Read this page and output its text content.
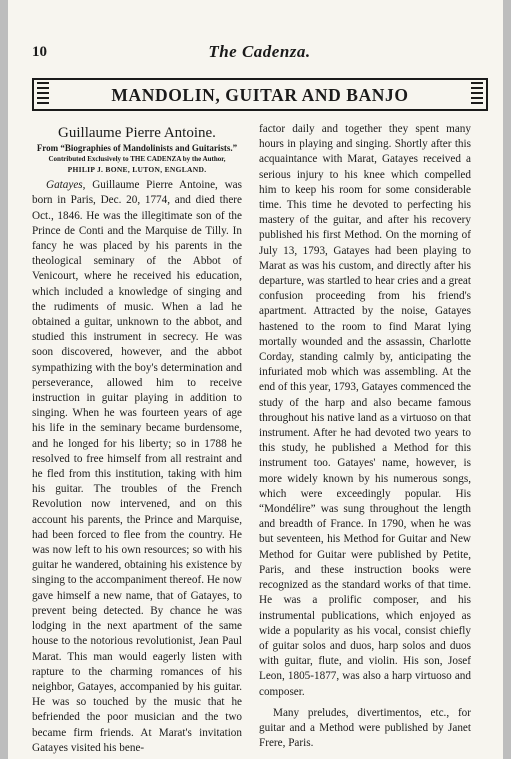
10	The Cadenza.
MANDOLIN, GUITAR AND BANJO
Guillaume Pierre Antoine.
From “Biographies of Mandolinists and Guitarists.”
Contributed Exclusively to THE CADENZA by the Author,
PHILIP J. BONE, LUTON, ENGLAND.

Gatayes, Guillaume Pierre Antoine, was born in Paris, Dec. 20, 1774, and died there Oct., 1846. He was the illegitimate son of the Prince de Conti and the Marquise de Tilly. In fancy he was placed by his parents in the theological seminary of the Abbot of Venicourt, where he received his education, which included a knowledge of singing and the rudiments of music. When a lad he obtained a guitar, unknown to the abbot, and studied this instrument in secrecy. He was soon discovered, however, and the abbot sympathizing with the boy's determination and perseverance, allowed him to receive instruction in guitar playing in addition to singing. When he was fourteen years of age his life in the seminary became burdensome, and he longed for his liberty; so in 1788 he resolved to free himself from all restraint and he fled from this institution, taking with him his guitar. The troubles of the French Revolution now intervened, and on this account his parents, the Prince and Marquise, had been forced to flee from the country. He was now left to his own resources; so with his guitar he wandered, obtaining his existence by singing to the accompaniment thereof. He now gave himself a new name, that of Gatayes, to prevent being detected. By chance he was lodging in the next apartment of the same house to the notorious revolutionist, Jean Paul Marat. This man would eagerly listen with rapture to the charming romances of his neighbor, Gatayes, accompanied by his guitar. He was so touched by the music that he befriended the poor musician and the two became firm friends. At Marat's invitation Gatayes visited his bene-

factor daily and together they spent many hours in playing and singing. Shortly after this acquaintance with Marat, Gatayes received a serious injury to his knee which compelled him to keep his room for some considerable time. This time he devoted to perfecting his mastery of the guitar, and after his recovery published his first Method. On the morning of July 13, 1793, Gatayes had been playing to Marat as was his custom, and directly after his departure, was startled to hear cries and a great confusion proceeding from his friend's apartment. Attracted by the noise, Gatayes hastened to the room to find Marat lying mortally wounded and the assassin, Charlotte Corday, standing calmly by, anticipating the infuriated mob which was assembling. At the end of this year, 1793, Gatayes commenced the study of the harp and also became famous throughout his native land as a virtuoso on that instrument. After he had devoted two years to this study, he published a Method for this instrument too. Gatayes' name, however, is more widely known by his numerous songs, which were exceedingly popular. His “Mondélire” was sung throughout the length and breadth of France. In 1790, when he was but seventeen, his Method for Guitar and New Method for Guitar were published by Petite, Paris, and these instruction books were recognized as the standard works of that time. He was a prolific composer, and his instrumental publications, which enjoyed as wide a popularity as his vocal, consist chiefly of guitar solos and duos, harp solos and duos with guitar, flute, and violin. His son, Josef Leon, 1805-1877, was also a harp virtuoso and composer.

Many preludes, divertimentos, etc., for guitar and a Method were published by Janet Frere, Paris.
